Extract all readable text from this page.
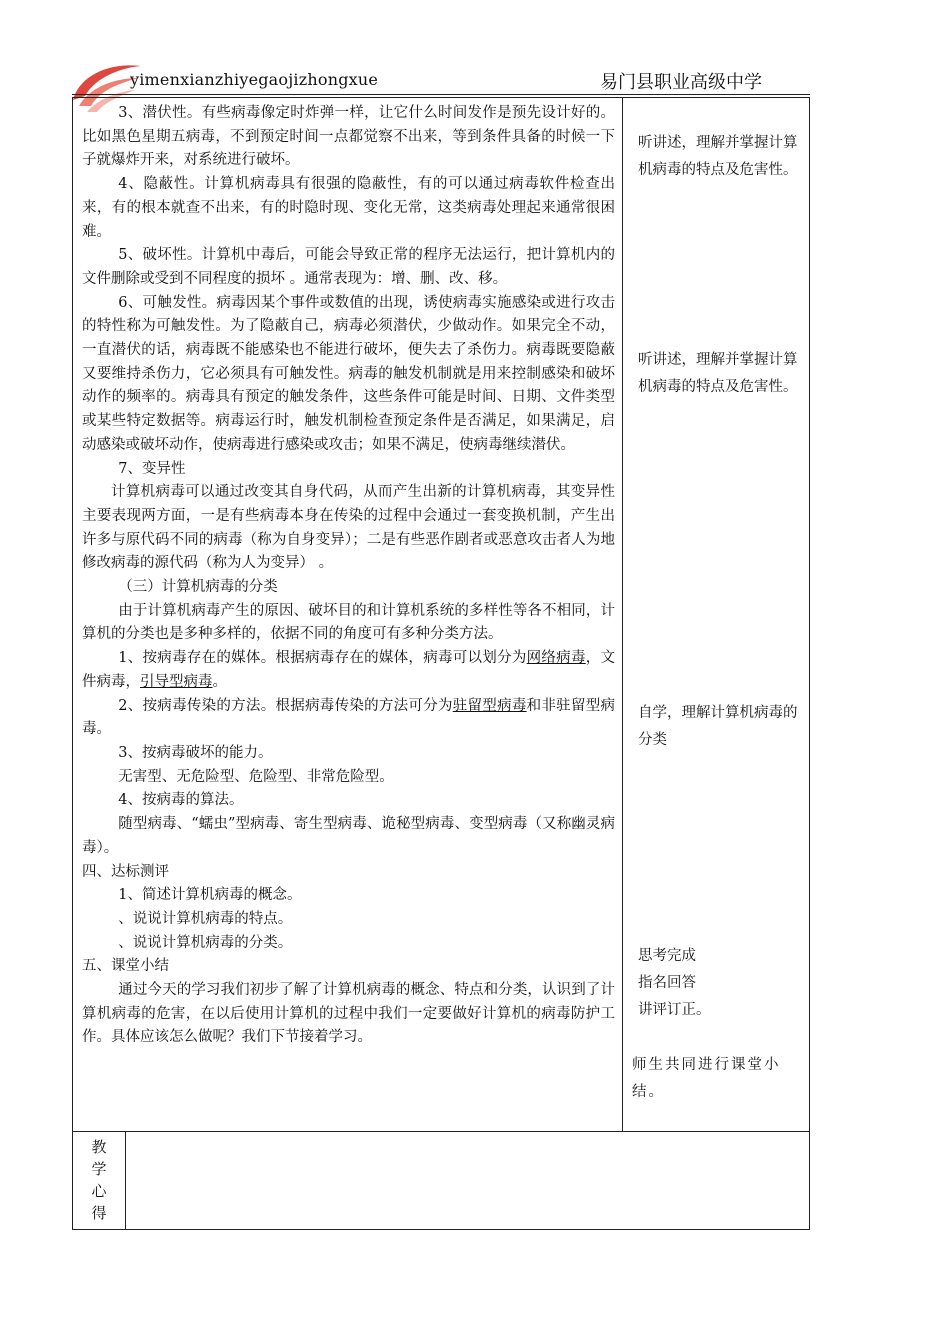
yimenxianzhiyegaojizhongxue	易门县职业高级中学

3、潜伏性。有些病毒像定时炸弹一样，让它什么时间发作是预先设计好的。比如黑色星期五病毒，不到预定时间一点都觉察不出来，等到条件具备的时候一下子就爆炸开来，对系统进行破坏。

4、隐蔽性。计算机病毒具有很强的隐蔽性，有的可以通过病毒软件检查出来，有的根本就查不出来，有的时隐时现、变化无常，这类病毒处理起来通常很困难。

5、破坏性。计算机中毒后，可能会导致正常的程序无法运行，把计算机内的文件删除或受到不同程度的损坏 。通常表现为：增、删、改、移。

6、可触发性。病毒因某个事件或数值的出现，诱使病毒实施感染或进行攻击的特性称为可触发性。为了隐蔽自己，病毒必须潜伏，少做动作。如果完全不动，一直潜伏的话，病毒既不能感染也不能进行破坏，便失去了杀伤力。病毒既要隐蔽又要维持杀伤力，它必须具有可触发性。病毒的触发机制就是用来控制感染和破坏动作的频率的。病毒具有预定的触发条件，这些条件可能是时间、日期、文件类型或某些特定数据等。病毒运行时，触发机制检查预定条件是否满足，如果满足，启动感染或破坏动作，使病毒进行感染或攻击；如果不满足，使病毒继续潜伏。

7、变异性

计算机病毒可以通过改变其自身代码，从而产生出新的计算机病毒，其变异性主要表现两方面，一是有些病毒本身在传染的过程中会通过一套变换机制，产生出许多与原代码不同的病毒（称为自身变异）；二是有些恶作剧者或恶意攻击者人为地修改病毒的源代码（称为人为变异） 。

（三）计算机病毒的分类

由于计算机病毒产生的原因、破坏目的和计算机系统的多样性等各不相同，计算机的分类也是多种多样的，依据不同的角度可有多种分类方法。

1、按病毒存在的媒体。根据病毒存在的媒体，病毒可以划分为网络病毒，文件病毒，引导型病毒。

2、按病毒传染的方法。根据病毒传染的方法可分为驻留型病毒和非驻留型病毒。

3、按病毒破坏的能力。

无害型、无危险型、危险型、非常危险型。

4、按病毒的算法。

随型病毒、“蠕虫”型病毒、寄生型病毒、诡秘型病毒、变型病毒（又称幽灵病毒）。

四、达标测评

1、简述计算机病毒的概念。

、说说计算机病毒的特点。

、说说计算机病毒的分类。

五、课堂小结

通过今天的学习我们初步了解了计算机病毒的概念、特点和分类，认识到了计算机病毒的危害，在以后使用计算机的过程中我们一定要做好计算机的病毒防护工作。具体应该怎么做呢？我们下节接着学习。

听讲述，理解并掌握计算机病毒的特点及危害性。
听讲述，理解并掌握计算机病毒的特点及危害性。
自学，理解计算机病毒的分类
思考完成
指名回答
讲评订正。
师生共同进行课堂小结。
教
学
心
得
